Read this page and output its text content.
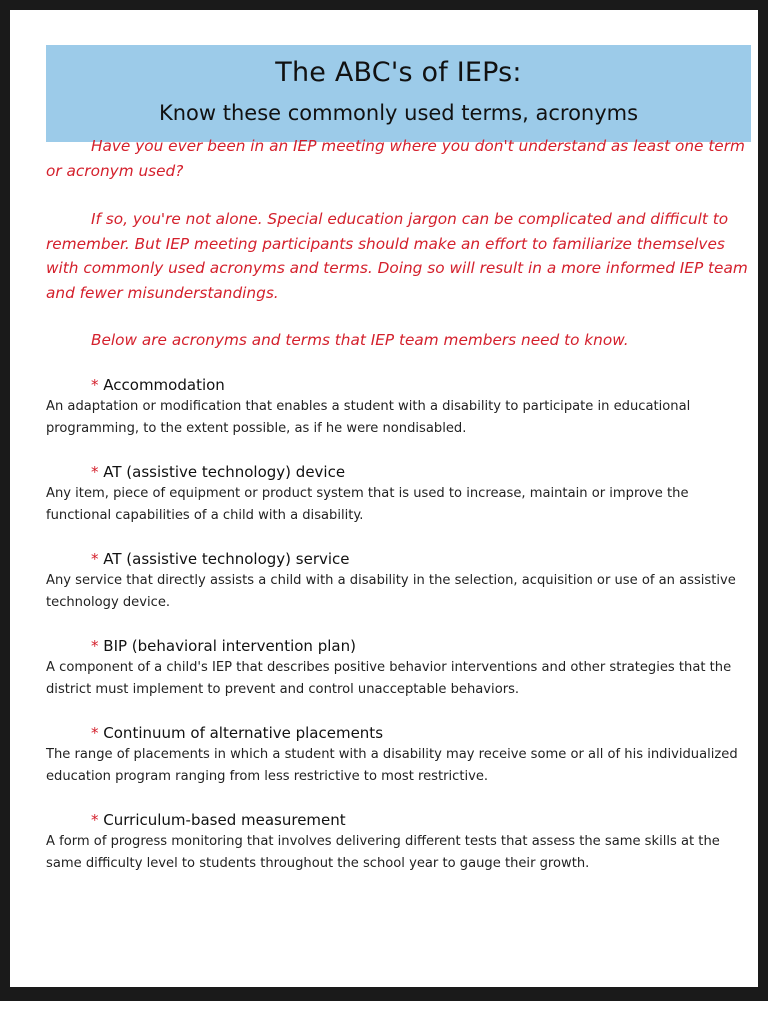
The ABC's of IEPs:
Know these commonly used terms, acronyms
Have you ever been in an IEP meeting where you don't understand as least one term or acronym used?
If so, you're not alone. Special education jargon can be complicated and difficult to remember. But IEP meeting participants should make an effort to familiarize themselves with commonly used acronyms and terms. Doing so will result in a more informed IEP team and fewer misunderstandings.
Below are acronyms and terms that IEP team members need to know.
* Accommodation
An adaptation or modification that enables a student with a disability to participate in educational programming, to the extent possible, as if he were nondisabled.
* AT (assistive technology) device
Any item, piece of equipment or product system that is used to increase, maintain or improve the functional capabilities of a child with a disability.
* AT (assistive technology) service
Any service that directly assists a child with a disability in the selection, acquisition or use of an assistive technology device.
* BIP (behavioral intervention plan)
A component of a child's IEP that describes positive behavior interventions and other strategies that the district must implement to prevent and control unacceptable behaviors.
* Continuum of alternative placements
The range of placements in which a student with a disability may receive some or all of his individualized education program ranging from less restrictive to most restrictive.
* Curriculum-based measurement
A form of progress monitoring that involves delivering different tests that assess the same skills at the same difficulty level to students throughout the school year to gauge their growth.
